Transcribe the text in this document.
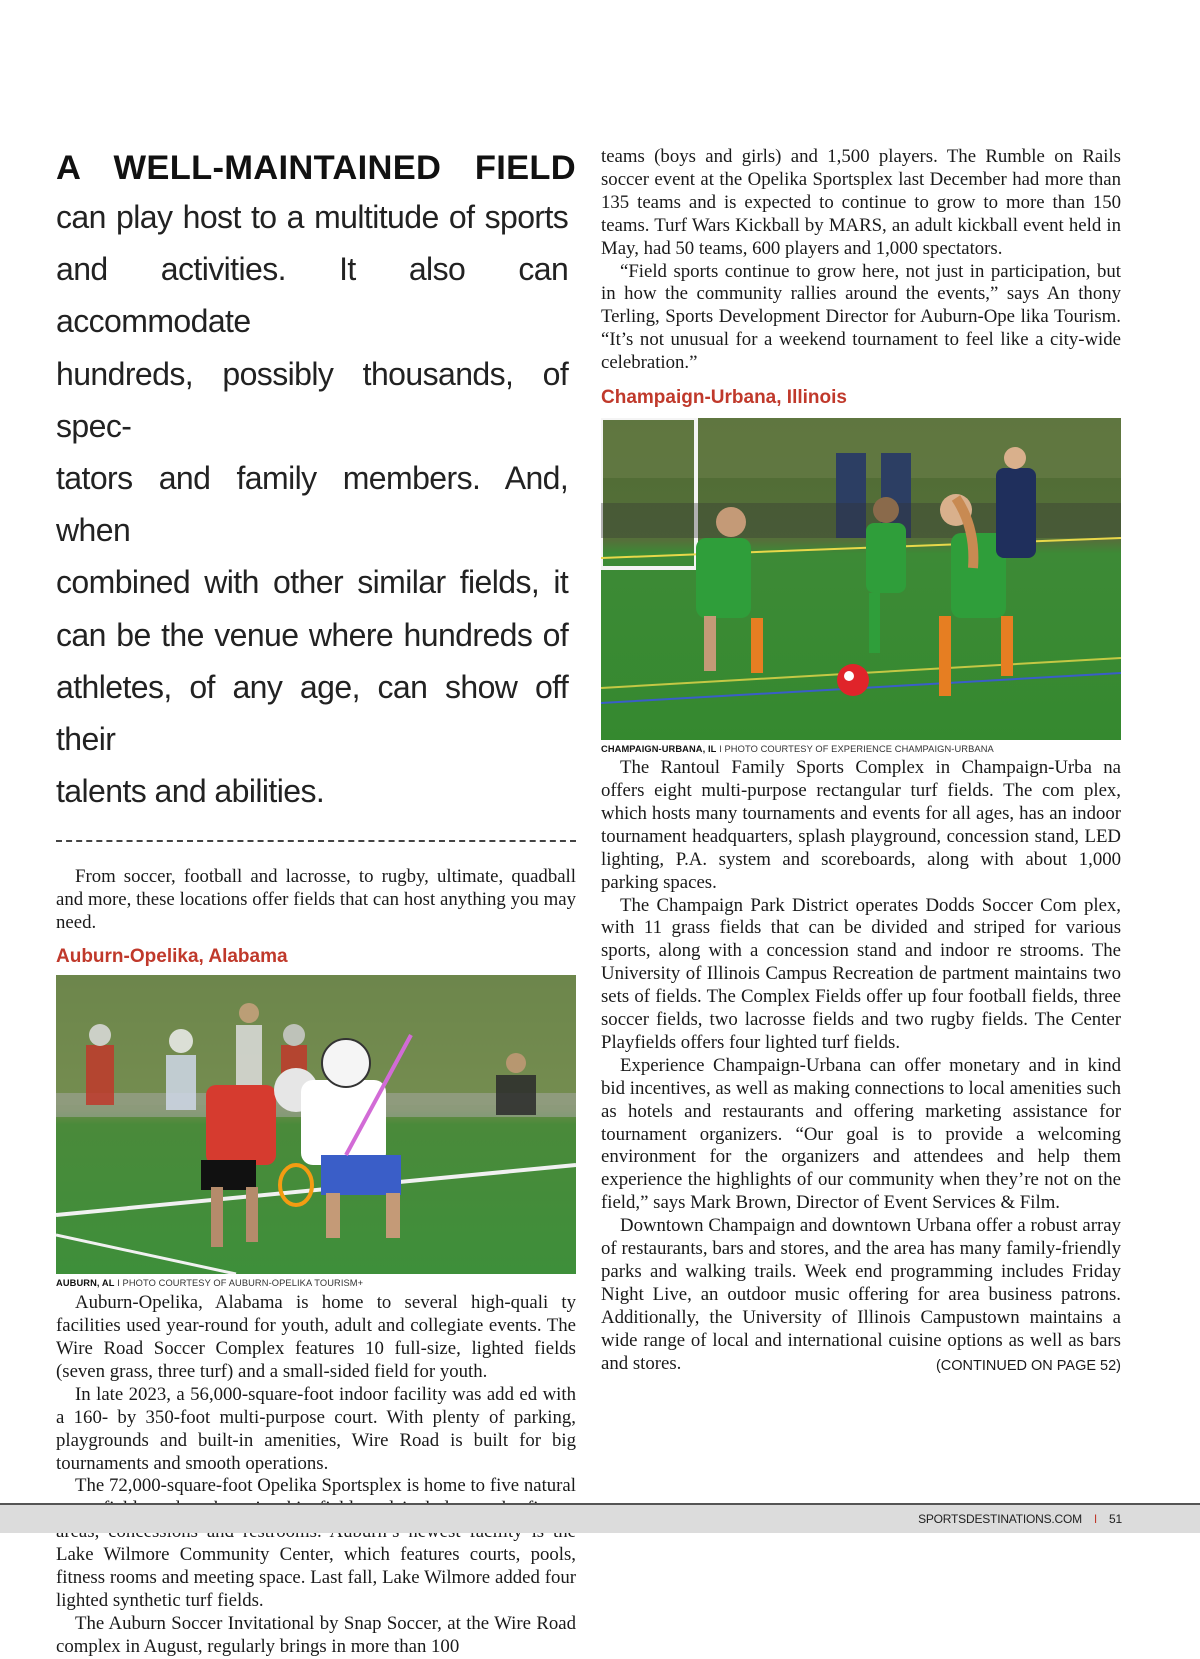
A WELL-MAINTAINED FIELD
can play host to a multitude of sports
and activities. It also can accommodate
hundreds, possibly thousands, of spec-
tators and family members. And, when
combined with other similar fields, it
can be the venue where hundreds of
athletes, of any age, can show off their
talents and abilities.

From soccer, football and lacrosse, to rugby, ultimate, quadball and more, these locations offer fields that can host anything you may need.

Auburn-Opelika, Alabama

AUBURN, AL I PHOTO COURTESY OF AUBURN-OPELIKA TOURISM+

Auburn-Opelika, Alabama is home to several high-quali ty facilities used year-round for youth, adult and collegiate events. The Wire Road Soccer Complex features 10 full-size, lighted fields (seven grass, three turf) and a small-sided field for youth.

In late 2023, a 56,000-square-foot indoor facility was add ed with a 160- by 350-foot multi-purpose court. With plenty of parking, playgrounds and built-in amenities, Wire Road is built for big tournaments and smooth operations.

The 72,000-square-foot Opelika Sportsplex is home to five natural Lake Wilmore Community Center, which features courts, pools, fitness rooms and meeting space. Last fall, Lake Wilmore added four lighted synthetic turf fields.

The Auburn Soccer Invitational by Snap Soccer, at the Wire Road complex in August, regularly brings in more than 100

teams (boys and girls) and 1,500 players. The Rumble on Rails soccer event at the Opelika Sportsplex last December had more than 135 teams and is expected to continue to grow to more than 150 teams. Turf Wars Kickball by MARS, an adult kickball event held in May, had 50 teams, 600 players and 1,000 spectators.

“Field sports continue to grow here, not just in participation, but in how the community rallies around the events,” says An thony Terling, Sports Development Director for Auburn-Ope lika Tourism. “It’s not unusual for a weekend tournament to feel like a city-wide celebration.”

Champaign-Urbana, Illinois

CHAMPAIGN-URBANA, IL I PHOTO COURTESY OF EXPERIENCE CHAMPAIGN-URBANA

The Rantoul Family Sports Complex in Champaign-Urba na offers eight multi-purpose rectangular turf fields. The com plex, which hosts many tournaments and events for all ages, has an indoor tournament headquarters, splash playground, concession stand, LED lighting, P.A. system and scoreboards, along with about 1,000 parking spaces.

The Champaign Park District operates Dodds Soccer Com plex, with 11 grass fields that can be divided and striped for various sports, along with a concession stand and indoor re strooms. The University of Illinois Campus Recreation de partment maintains two sets of fields. The Complex Fields offer up four football fields, three soccer fields, two lacrosse fields and two rugby fields. The Center Playfields offers four lighted turf fields.

Experience Champaign-Urbana can offer monetary and in kind bid incentives, as well as making connections to local amenities such as hotels and restaurants and offering marketing assistance for tournament organizers. “Our goal is to provide a welcoming environment for the organizers and attendees and help them experience the highlights of our community when they’re not on the field,” says Mark Brown, Director of Event Services & Film.

Downtown Champaign and downtown Urbana offer a robust array of restaurants, bars and stores, and the area has many family-friendly parks and walking trails. Week end programming includes Friday Night Live, an outdoor music offering for area business patrons. Additionally, the University of Illinois Campustown maintains a wide range of local and international cuisine options as well as bars and stores.	(CONTINUED ON PAGE 52)

SPORTSDESTINATIONS.COM I 51
